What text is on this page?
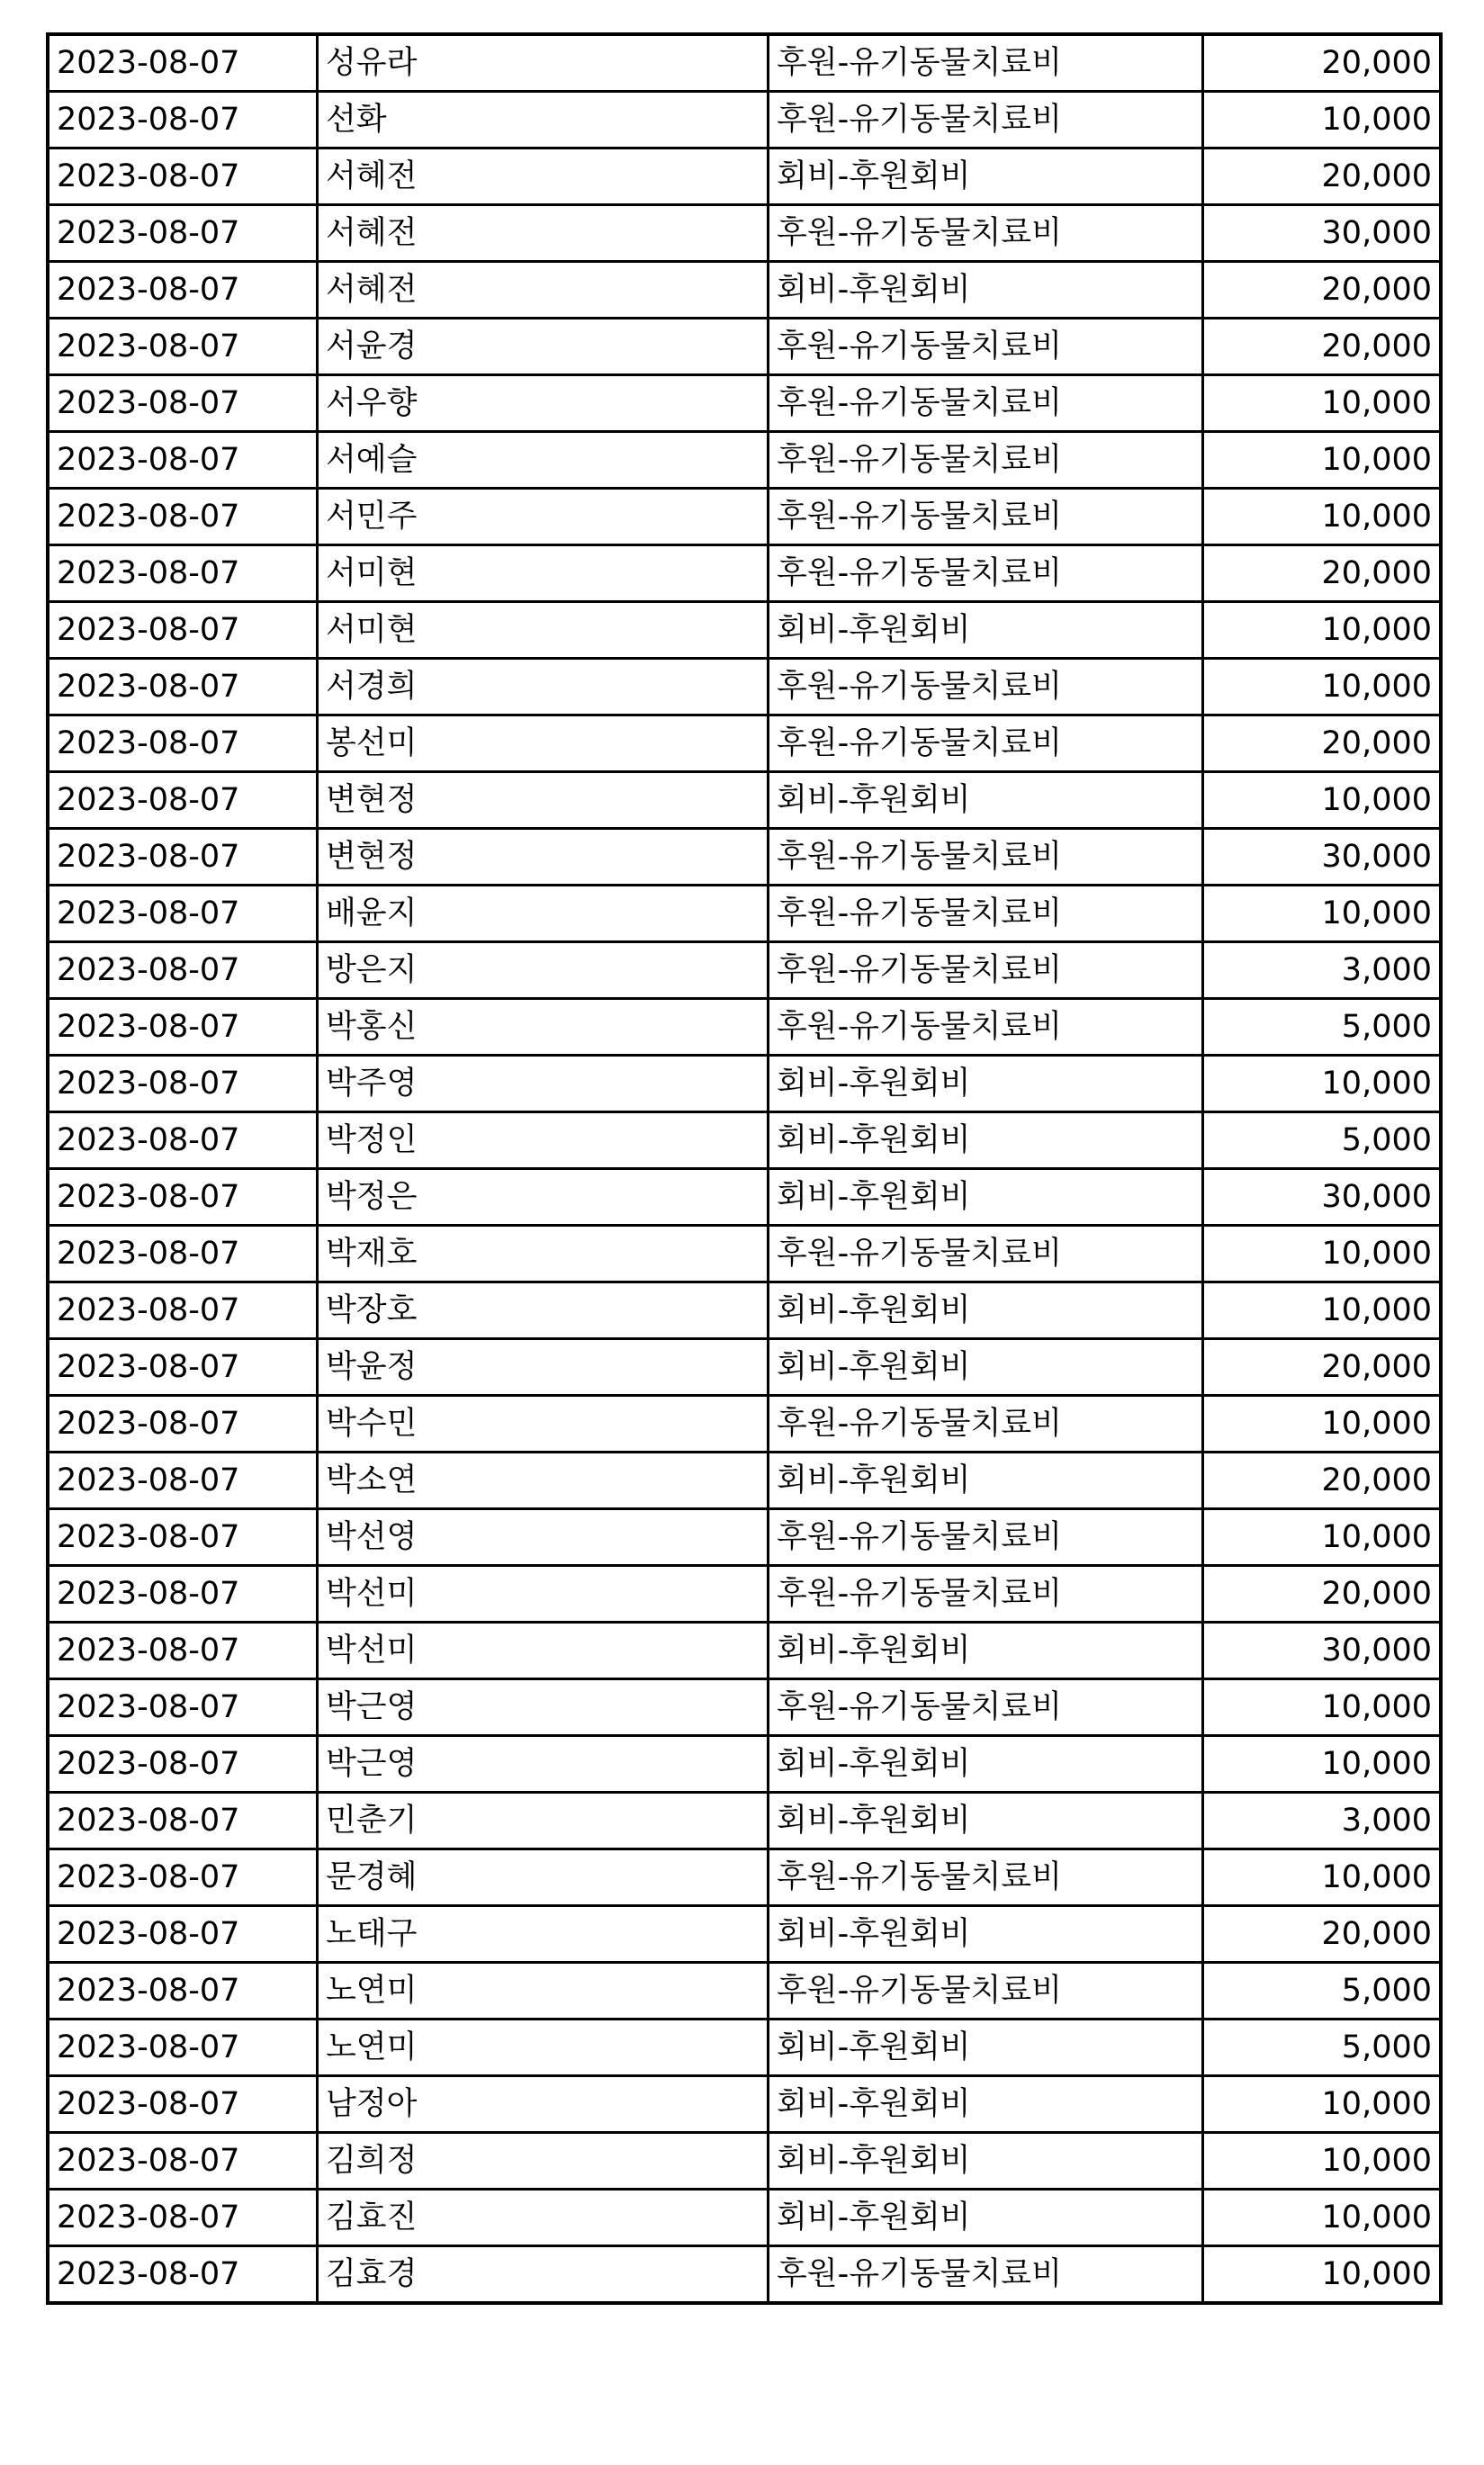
2023-08-07	성유라	후원-유기동물치료비	20,000
2023-08-07	선화	후원-유기동물치료비	10,000
2023-08-07	서혜전	회비-후원회비	20,000
2023-08-07	서혜전	후원-유기동물치료비	30,000
2023-08-07	서혜전	회비-후원회비	20,000
2023-08-07	서윤경	후원-유기동물치료비	20,000
2023-08-07	서우향	후원-유기동물치료비	10,000
2023-08-07	서예슬	후원-유기동물치료비	10,000
2023-08-07	서민주	후원-유기동물치료비	10,000
2023-08-07	서미현	후원-유기동물치료비	20,000
2023-08-07	서미현	회비-후원회비	10,000
2023-08-07	서경희	후원-유기동물치료비	10,000
2023-08-07	봉선미	후원-유기동물치료비	20,000
2023-08-07	변현정	회비-후원회비	10,000
2023-08-07	변현정	후원-유기동물치료비	30,000
2023-08-07	배윤지	후원-유기동물치료비	10,000
2023-08-07	방은지	후원-유기동물치료비	3,000
2023-08-07	박홍신	후원-유기동물치료비	5,000
2023-08-07	박주영	회비-후원회비	10,000
2023-08-07	박정인	회비-후원회비	5,000
2023-08-07	박정은	회비-후원회비	30,000
2023-08-07	박재호	후원-유기동물치료비	10,000
2023-08-07	박장호	회비-후원회비	10,000
2023-08-07	박윤정	회비-후원회비	20,000
2023-08-07	박수민	후원-유기동물치료비	10,000
2023-08-07	박소연	회비-후원회비	20,000
2023-08-07	박선영	후원-유기동물치료비	10,000
2023-08-07	박선미	후원-유기동물치료비	20,000
2023-08-07	박선미	회비-후원회비	30,000
2023-08-07	박근영	후원-유기동물치료비	10,000
2023-08-07	박근영	회비-후원회비	10,000
2023-08-07	민춘기	회비-후원회비	3,000
2023-08-07	문경혜	후원-유기동물치료비	10,000
2023-08-07	노태구	회비-후원회비	20,000
2023-08-07	노연미	후원-유기동물치료비	5,000
2023-08-07	노연미	회비-후원회비	5,000
2023-08-07	남정아	회비-후원회비	10,000
2023-08-07	김희정	회비-후원회비	10,000
2023-08-07	김효진	회비-후원회비	10,000
2023-08-07	김효경	후원-유기동물치료비	10,000
